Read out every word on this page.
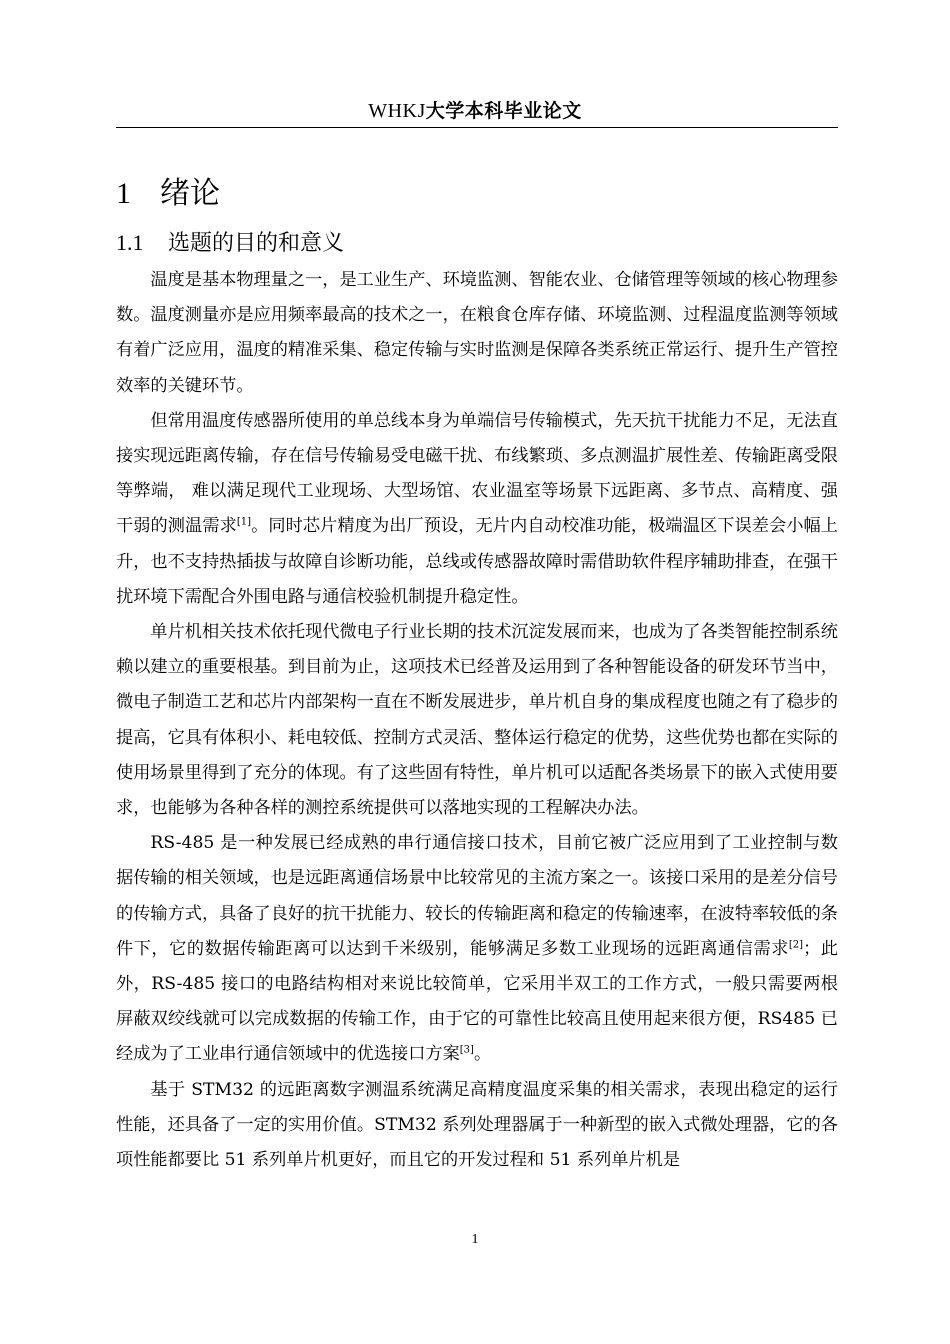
WHKJ大学本科毕业论文
1 绪论
1.1 选题的目的和意义

温度是基本物理量之一，是工业生产、环境监测、智能农业、仓储管理等领域的核心物理参数。温度测量亦是应用频率最高的技术之一，在粮食仓库存储、环境监测、过程温度监测等领域有着广泛应用，温度的精准采集、稳定传输与实时监测是保障各类系统正常运行、提升生产管控效率的关键环节。

但常用温度传感器所使用的单总线本身为单端信号传输模式，先天抗干扰能力不足，无法直接实现远距离传输，存在信号传输易受电磁干扰、布线繁琐、多点测温扩展性差、传输距离受限等弊端， 难以满足现代工业现场、大型场馆、农业温室等场景下远距离、多节点、高精度、强干弱的测温需求[1]。同时芯片精度为出厂预设，无片内自动校准功能，极端温区下误差会小幅上升，也不支持热插拔与故障自诊断功能，总线或传感器故障时需借助软件程序辅助排查，在强干扰环境下需配合外围电路与通信校验机制提升稳定性。

单片机相关技术依托现代微电子行业长期的技术沉淀发展而来，也成为了各类智能控制系统赖以建立的重要根基。到目前为止，这项技术已经普及运用到了各种智能设备的研发环节当中，微电子制造工艺和芯片内部架构一直在不断发展进步，单片机自身的集成程度也随之有了稳步的提高，它具有体积小、耗电较低、控制方式灵活、整体运行稳定的优势，这些优势也都在实际的使用场景里得到了充分的体现。有了这些固有特性，单片机可以适配各类场景下的嵌入式使用要求，也能够为各种各样的测控系统提供可以落地实现的工程解决办法。

RS-485 是一种发展已经成熟的串行通信接口技术，目前它被广泛应用到了工业控制与数据传输的相关领域，也是远距离通信场景中比较常见的主流方案之一。该接口采用的是差分信号的传输方式，具备了良好的抗干扰能力、较长的传输距离和稳定的传输速率，在波特率较低的条件下，它的数据传输距离可以达到千米级别，能够满足多数工业现场的远距离通信需求[2]；此外，RS-485 接口的电路结构相对来说比较简单，它采用半双工的工作方式，一般只需要两根屏蔽双绞线就可以完成数据的传输工作，由于它的可靠性比较高且使用起来很方便，RS485 已经成为了工业串行通信领域中的优选接口方案[3]。

基于 STM32 的远距离数字测温系统满足高精度温度采集的相关需求，表现出稳定的运行性能，还具备了一定的实用价值。STM32 系列处理器属于一种新型的嵌入式微处理器，它的各项性能都要比 51 系列单片机更好，而且它的开发过程和 51 系列单片机是

1
